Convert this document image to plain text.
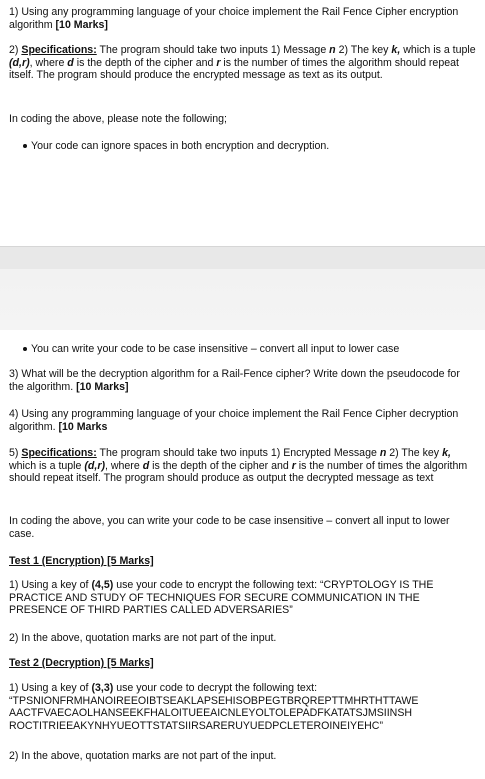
1) Using any programming language of your choice implement the Rail Fence Cipher encryption algorithm [10 Marks]

2) Specifications: The program should take two inputs 1) Message n 2) The key k, which is a tuple (d,r), where d is the depth of the cipher and r is the number of times the algorithm should repeat itself. The program should produce the encrypted message as text as its output.

In coding the above, please note the following;

Your code can ignore spaces in both encryption and decryption.

You can write your code to be case insensitive – convert all input to lower case

3) What will be the decryption algorithm for a Rail-Fence cipher? Write down the pseudocode for the algorithm. [10 Marks]

4) Using any programming language of your choice implement the Rail Fence Cipher decryption algorithm. [10 Marks

5) Specifications: The program should take two inputs 1) Encrypted Message n 2) The key k, which is a tuple (d,r), where d is the depth of the cipher and r is the number of times the algorithm should repeat itself. The program should produce as output the decrypted message as text

In coding the above, you can write your code to be case insensitive – convert all input to lower case.

Test 1 (Encryption) [5 Marks]

1) Using a key of (4,5) use your code to encrypt the following text: “CRYPTOLOGY IS THE PRACTICE AND STUDY OF TECHNIQUES FOR SECURE COMMUNICATION IN THE PRESENCE OF THIRD PARTIES CALLED ADVERSARIES”

2) In the above, quotation marks are not part of the input.

Test 2 (Decryption) [5 Marks]

1) Using a key of (3,3) use your code to decrypt the following text:
“TPSNIONFRMHANOIREEOIBTSEAKLAPSEHISOBPEGTBRQREPTTMHRTHTTAWE
AACTFVAECAOLHANSEEKFHALOITUEEAICNLEYOLTOLEPADFKATATSJMSIINSH
ROCTITRIEEAKYNHYUEOTTSTATSIIRSARERUYUEDPCLETEROINEIYEHC”

2) In the above, quotation marks are not part of the input.
